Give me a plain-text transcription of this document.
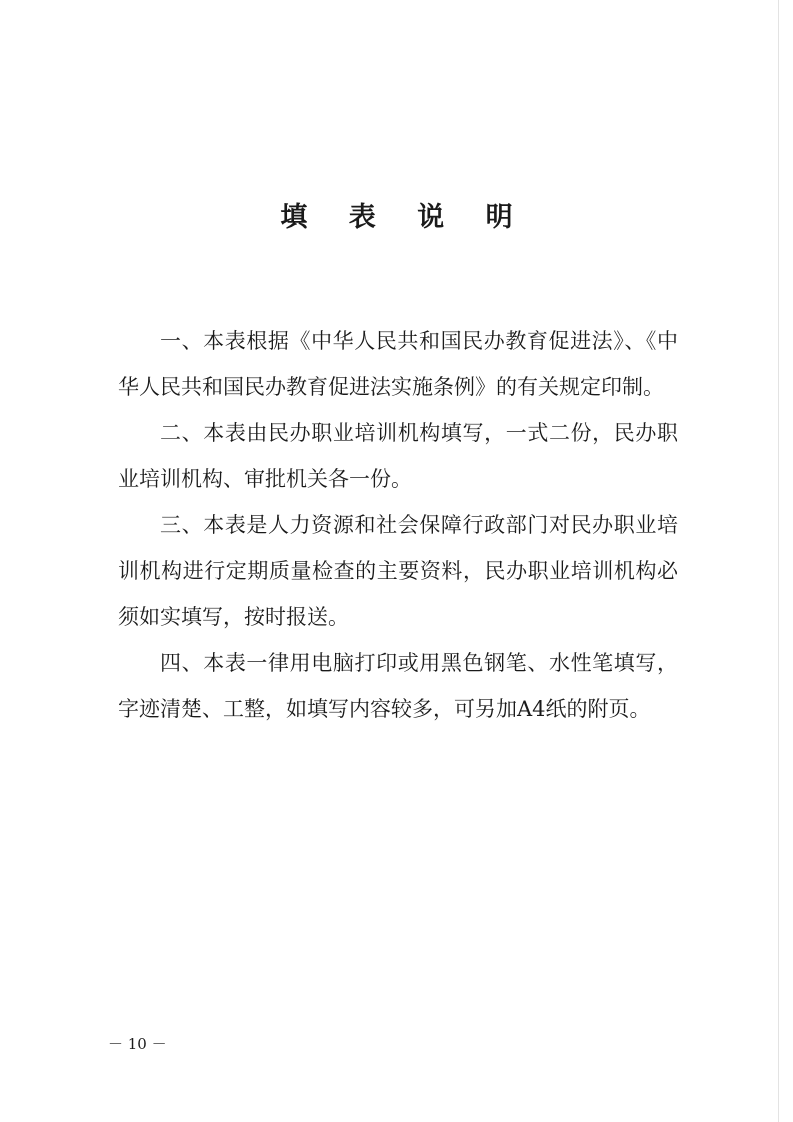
填 表 说 明

一、本表根据《中华人民共和国民办教育促进法》、《中华人民共和国民办教育促进法实施条例》的有关规定印制。

二、本表由民办职业培训机构填写，一式二份，民办职业培训机构、审批机关各一份。

三、本表是人力资源和社会保障行政部门对民办职业培训机构进行定期质量检查的主要资料，民办职业培训机构必须如实填写，按时报送。

四、本表一律用电脑打印或用黑色钢笔、水性笔填写，字迹清楚、工整，如填写内容较多，可另加A4纸的附页。

－ 10 －
